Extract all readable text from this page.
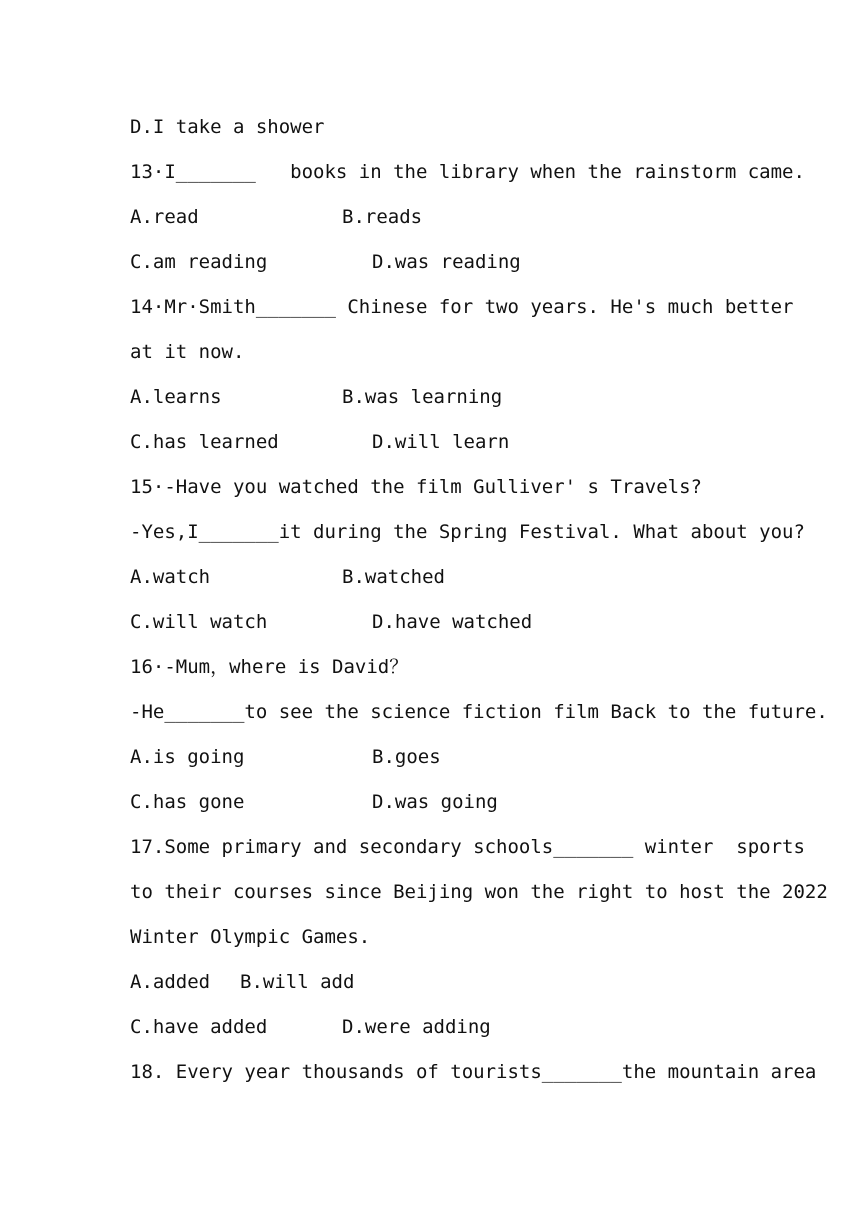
D.I take a shower
13·I_______   books in the library when the rainstorm came.
A.read	B.reads
C.am reading	D.was reading
14·Mr·Smith_______ Chinese for two years. He's much better
at it now.
A.learns	B.was learning
C.has learned	D.will learn
15·-Have you watched the film Gulliver' s Travels?
-Yes,I_______it during the Spring Festival. What about you?
A.watch	B.watched
C.will watch	D.have watched
16·-Mum，where is David？
-He_______to see the science fiction film Back to the future.
A.is going	B.goes
C.has gone	D.was going
17.Some primary and secondary schools_______ winter  sports
to their courses since Beijing won the right to host the 2022
Winter Olympic Games.
A.added B.will add
C.have added	D.were adding
18. Every year thousands of tourists_______the mountain area
